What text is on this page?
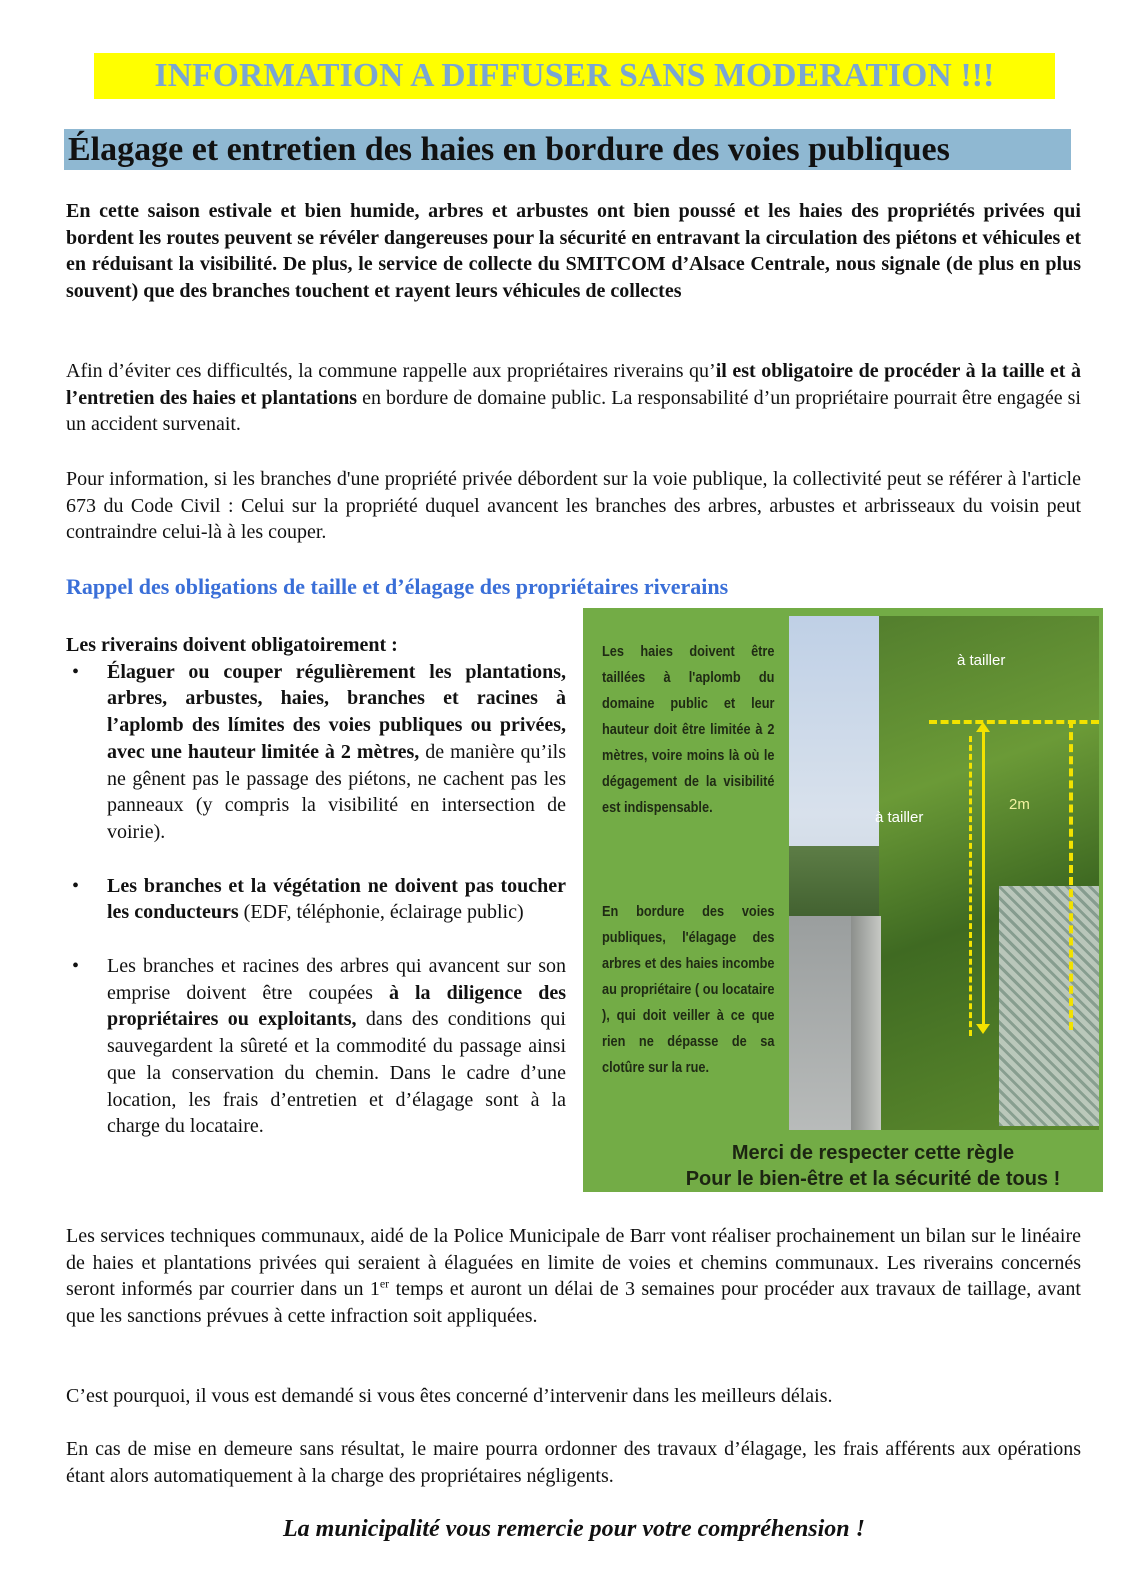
INFORMATION A DIFFUSER SANS MODERATION !!!
Élagage et entretien des haies en bordure des voies publiques

En cette saison estivale et bien humide, arbres et arbustes ont bien poussé et les haies des propriétés privées qui bordent les routes peuvent se révéler dangereuses pour la sécurité en entravant la circulation des piétons et véhicules et en réduisant la visibilité. De plus, le service de collecte du SMITCOM d’Alsace Centrale, nous signale (de plus en plus souvent) que des branches touchent et rayent leurs véhicules de collectes

Afin d’éviter ces difficultés, la commune rappelle aux propriétaires riverains qu’il est obligatoire de procéder à la taille et à l’entretien des haies et plantations en bordure de domaine public. La responsabilité d’un propriétaire pourrait être engagée si un accident survenait.

Pour information, si les branches d'une propriété privée débordent sur la voie publique, la collectivité peut se référer à l'article 673 du Code Civil : Celui sur la propriété duquel avancent les branches des arbres, arbustes et arbrisseaux du voisin peut contraindre celui-là à les couper.

Rappel des obligations de taille et d’élagage des propriétaires riverains

Les riverains doivent obligatoirement :

• Élaguer ou couper régulièrement les plantations, arbres, arbustes, haies, branches et racines à l’aplomb des límites des voies publiques ou privées, avec une hauteur limitée à 2 mètres, de manière qu’ils ne gênent pas le passage des piétons, ne cachent pas les panneaux (y compris la visibilité en intersection de voirie).

• Les branches et la végétation ne doivent pas toucher les conducteurs (EDF, téléphonie, éclairage public)

• Les branches et racines des arbres qui avancent sur son emprise doivent être coupées à la diligence des propriétaires ou exploitants, dans des conditions qui sauvegardent la sûreté et la commodité du passage ainsi que la conservation du chemin. Dans le cadre d’une location, les frais d’entretien et d’élagage sont à la charge du locataire.

Les haies doivent être taillées à l'aplomb du domaine public et leur hauteur doit être limitée à 2 mètres, voire moins là où le dégagement de la visibilité est indispensable.

En bordure des voies publiques, l'élagage des arbres et des haies incombe au propriétaire ( ou locataire ), qui doit veiller à ce que rien ne dépasse de sa clotûre sur la rue.

à tailler
à tailler
2m

Merci de respecter cette règle

Pour le bien-être et la sécurité de tous !

Les services techniques communaux, aidé de la Police Municipale de Barr vont réaliser prochainement un bilan sur le linéaire de haies et plantations privées qui seraient à élaguées en limite de voies et chemins communaux. Les riverains concernés seront informés par courrier dans un 1er temps et auront un délai de 3 semaines pour procéder aux travaux de taillage, avant que les sanctions prévues à cette infraction soit appliquées.

C’est pourquoi, il vous est demandé si vous êtes concerné d’intervenir dans les meilleurs délais.

En cas de mise en demeure sans résultat, le maire pourra ordonner des travaux d’élagage, les frais afférents aux opérations étant alors automatiquement à la charge des propriétaires négligents.

La municipalité vous remercie pour votre compréhension !
